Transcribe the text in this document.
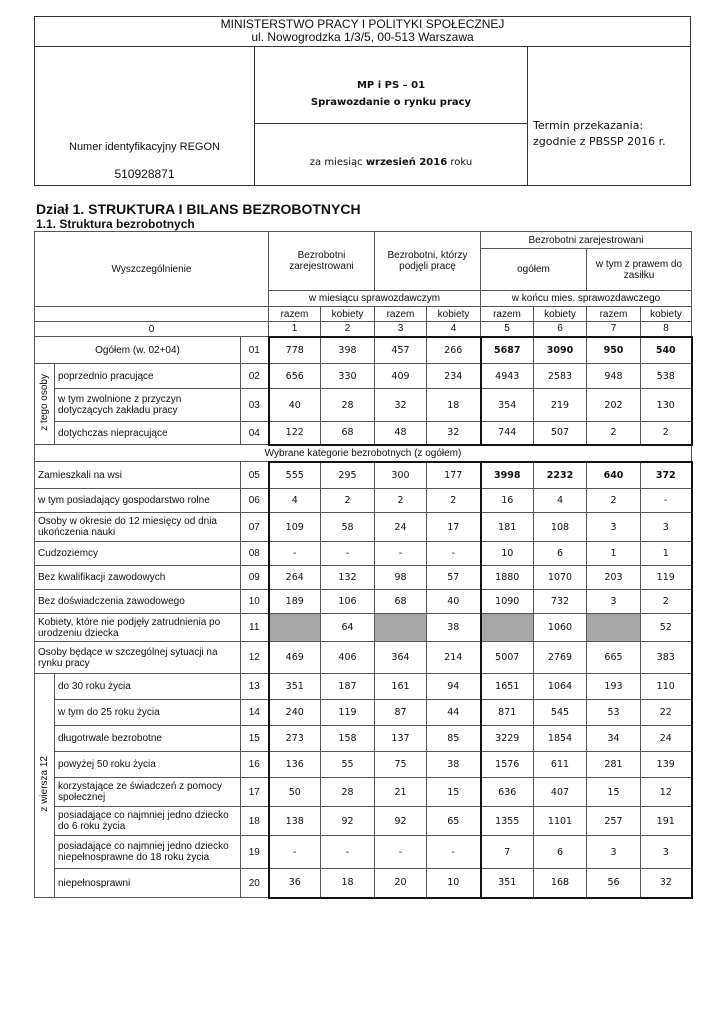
MINISTERSTWO PRACY I POLITYKI SPOŁECZNEJ
ul. Nowogrodzka 1/3/5, 00-513 Warszawa
Numer identyfikacyjny REGON
510928871
MP i PS – 01
Sprawozdanie o rynku pracy
za miesiąc wrzesień 2016 roku
Termin przekazania:
zgodnie z PBSSP 2016 r.
Dział 1. STRUKTURA I BILANS BEZROBOTNYCH
1.1. Struktura bezrobotnych
Wyszczególnienie			Bezrobotni zarejestrowani		Bezrobotni, którzy podjęli pracę		Bezrobotni zarejestrowani			
							ogółem		w tym z prawem do zasiłku	

			w miesiącu sprawozdawczym				w końcu mies. sprawozdawczego			
			razem	kobiety	razem	kobiety	razem	kobiety	razem	kobiety

0			1	2	3	4	5	6	7	8
Ogółem (w. 02+04)		01	778	398	457	266	5687	3090	950	540
z tego osoby	poprzednio pracujące	02	656	330	409	234	4943	2583	948	538
	w tym zwolnione z przyczyn dotyczących zakładu pracy	03	40	28	32	18	354	219	202	130
	dotychczas niepracujące	04	122	68	48	32	744	507	2	2
Wybrane kategorie bezrobotnych (z ogółem)										
Zamieszkali na wsi		05	555	295	300	177	3998	2232	640	372
w tym posiadający gospodarstwo rolne		06	4	2	2	2	16	4	2	-
Osoby w okresie do 12 miesięcy od dnia ukończenia nauki		07	109	58	24	17	181	108	3	3
Cudzoziemcy		08	-	-	-	-	10	6	1	1
Bez kwalifikacji zawodowych		09	264	132	98	57	1880	1070	203	119
Bez doświadczenia zawodowego		10	189	106	68	40	1090	732	3	2
Kobiety, które nie podjęły zatrudnienia po urodzeniu dziecka		11		64		38		1060		52
Osoby będące w szczególnej sytuacji na rynku pracy		12	469	406	364	214	5007	2769	665	383
z wiersza 12	do 30 roku życia	13	351	187	161	94	1651	1064	193	110
	w tym do 25 roku życia	14	240	119	87	44	871	545	53	22
	długotrwale bezrobotne	15	273	158	137	85	3229	1854	34	24
	powyżej 50 roku życia	16	136	55	75	38	1576	611	281	139
	korzystające ze świadczeń z pomocy społecznej	17	50	28	21	15	636	407	15	12
	posiadające co najmniej jedno dziecko do 6 roku życia	18	138	92	92	65	1355	1101	257	191
	posiadające co najmniej jedno dziecko niepełnosprawne do 18 roku życia	19	-	-	-	-	7	6	3	3
	niepełnosprawni	20	36	18	20	10	351	168	56	32
